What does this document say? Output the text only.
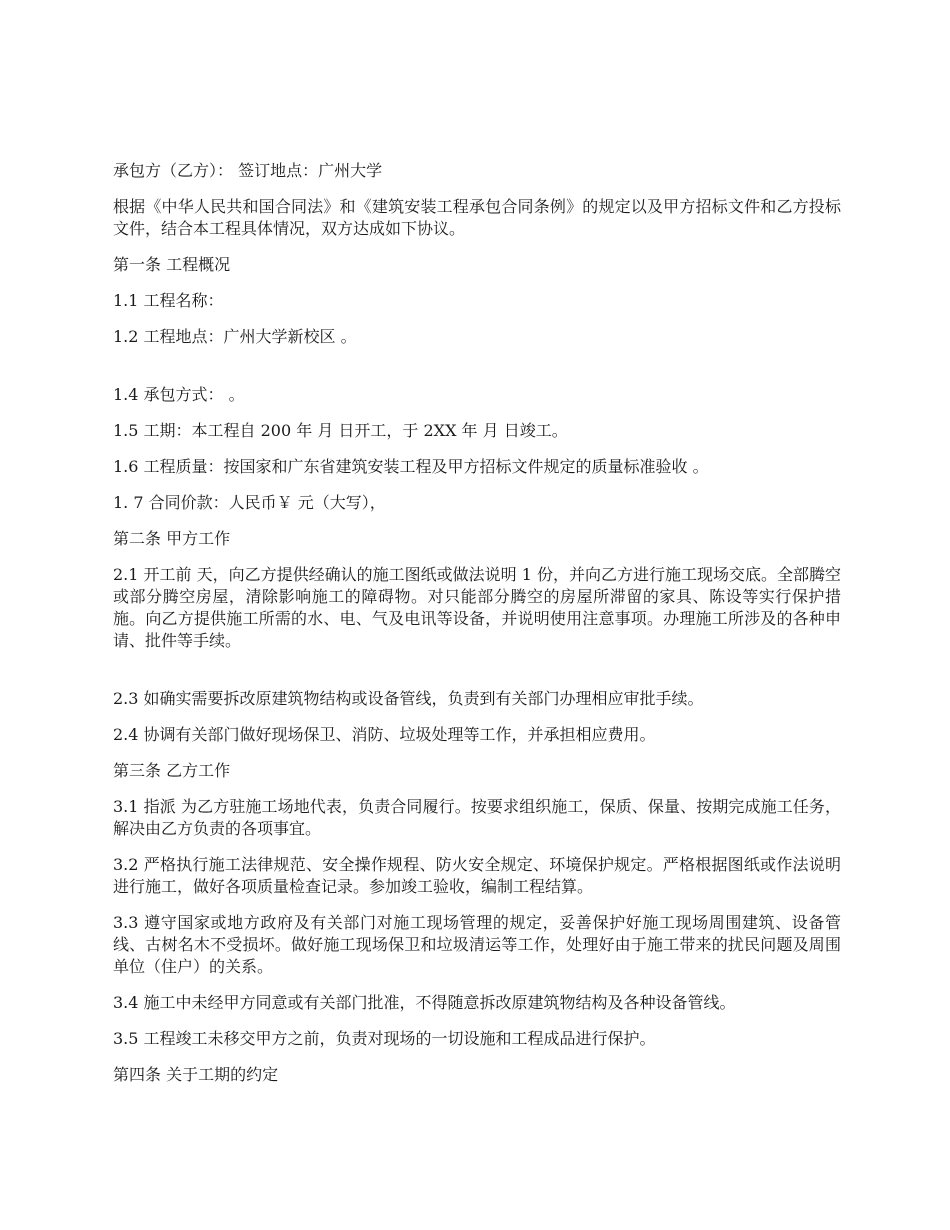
承包方（乙方）： 签订地点：广州大学

根据《中华人民共和国合同法》和《建筑安装工程承包合同条例》的规定以及甲方招标文件和乙方投标文件，结合本工程具体情况，双方达成如下协议。

第一条 工程概况

1.1 工程名称：

1.2 工程地点：广州大学新校区 。

1.4 承包方式： 。

1.5 工期：本工程自 200 年 月 日开工，于 2XX 年 月 日竣工。

1.6 工程质量：按国家和广东省建筑安装工程及甲方招标文件规定的质量标准验收 。

1. 7 合同价款：人民币￥ 元（大写），

第二条 甲方工作

2.1 开工前 天，向乙方提供经确认的施工图纸或做法说明 1 份，并向乙方进行施工现场交底。全部腾空或部分腾空房屋，清除影响施工的障碍物。对只能部分腾空的房屋所滞留的家具、陈设等实行保护措施。向乙方提供施工所需的水、电、气及电讯等设备，并说明使用注意事项。办理施工所涉及的各种申请、批件等手续。

2.3 如确实需要拆改原建筑物结构或设备管线，负责到有关部门办理相应审批手续。

2.4 协调有关部门做好现场保卫、消防、垃圾处理等工作，并承担相应费用。

第三条 乙方工作

3.1 指派 为乙方驻施工场地代表，负责合同履行。按要求组织施工，保质、保量、按期完成施工任务，解决由乙方负责的各项事宜。

3.2 严格执行施工法律规范、安全操作规程、防火安全规定、环境保护规定。严格根据图纸或作法说明进行施工，做好各项质量检查记录。参加竣工验收，编制工程结算。

3.3 遵守国家或地方政府及有关部门对施工现场管理的规定，妥善保护好施工现场周围建筑、设备管线、古树名木不受损坏。做好施工现场保卫和垃圾清运等工作，处理好由于施工带来的扰民问题及周围单位（住户）的关系。

3.4 施工中未经甲方同意或有关部门批准，不得随意拆改原建筑物结构及各种设备管线。

3.5 工程竣工未移交甲方之前，负责对现场的一切设施和工程成品进行保护。

第四条 关于工期的约定
